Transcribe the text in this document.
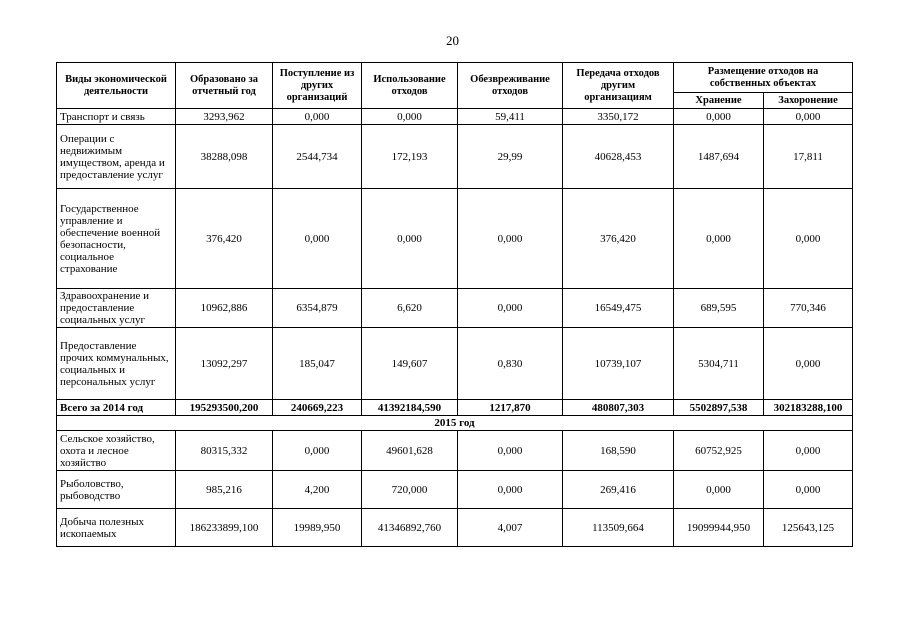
20
Виды экономической деятельности	Образовано за отчетный год	Поступление из других организаций	Использование отходов	Обезвреживание отходов	Передача отходов другим организациям	Размещение отходов на собственных объектах	
						Хранение	Захоронение
Транспорт и связь	3293,962	0,000	0,000	59,411	3350,172	0,000	0,000
Операции с недвижимым имуществом, аренда и предоставление услуг	38288,098	2544,734	172,193	29,99	40628,453	1487,694	17,811
Государственное управление и обеспечение военной безопасности, социальное страхование	376,420	0,000	0,000	0,000	376,420	0,000	0,000
Здравоохранение и предоставление социальных услуг	10962,886	6354,879	6,620	0,000	16549,475	689,595	770,346
Предоставление прочих коммунальных, социальных и персональных услуг	13092,297	185,047	149,607	0,830	10739,107	5304,711	0,000
Всего за 2014 год	195293500,200	240669,223	41392184,590	1217,870	480807,303	5502897,538	302183288,100
2015 год							
Сельское хозяйство, охота и лесное хозяйство	80315,332	0,000	49601,628	0,000	168,590	60752,925	0,000
Рыболовство, рыбоводство	985,216	4,200	720,000	0,000	269,416	0,000	0,000
Добыча полезных ископаемых	186233899,100	19989,950	41346892,760	4,007	113509,664	19099944,950	125643,125
